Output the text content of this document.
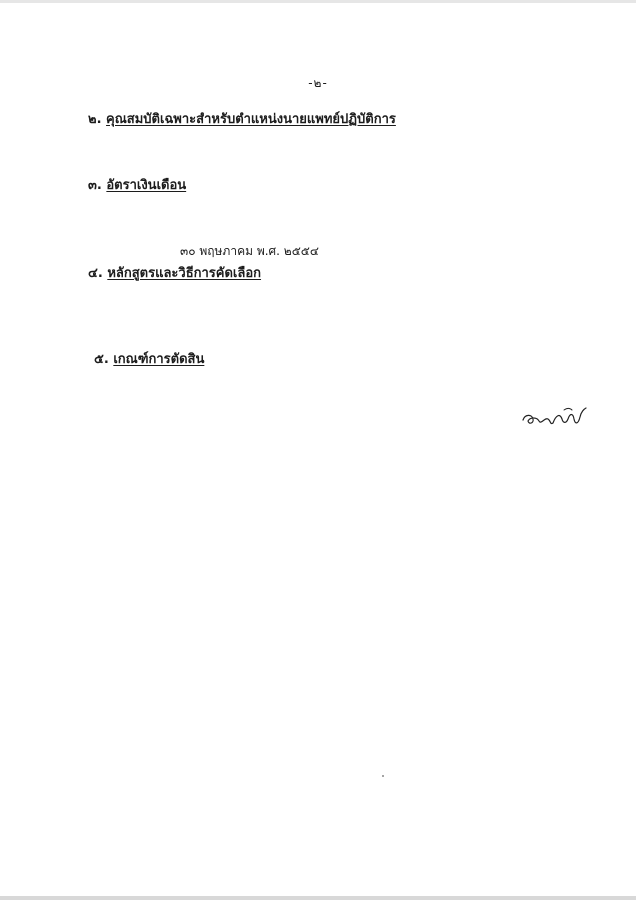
-๒-
๒. คุณสมบัติเฉพาะสำหรับตำแหน่งนายแพทย์ปฏิบัติการ
๓. อัตราเงินเดือน
๓๐ พฤษภาคม พ.ศ. ๒๕๕๔
๔. หลักสูตรและวิธีการคัดเลือก
๕. เกณฑ์การตัดสิน
